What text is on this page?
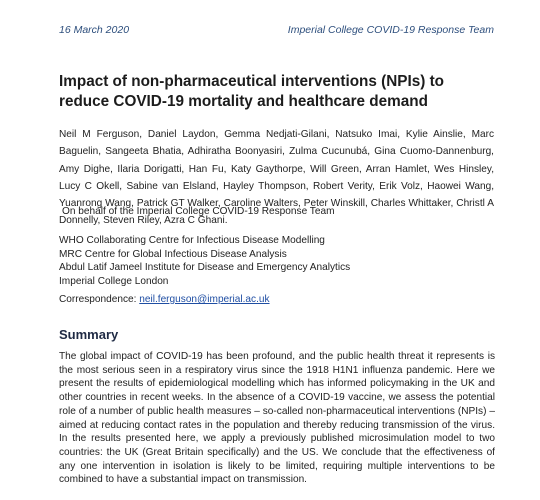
16 March 2020	Imperial College COVID-19 Response Team
Impact of non-pharmaceutical interventions (NPIs) to reduce COVID-19 mortality and healthcare demand
Neil M Ferguson, Daniel Laydon, Gemma Nedjati-Gilani, Natsuko Imai, Kylie Ainslie, Marc Baguelin, Sangeeta Bhatia, Adhiratha Boonyasiri, Zulma Cucunubá, Gina Cuomo-Dannenburg, Amy Dighe, Ilaria Dorigatti, Han Fu, Katy Gaythorpe, Will Green, Arran Hamlet, Wes Hinsley, Lucy C Okell, Sabine van Elsland, Hayley Thompson, Robert Verity, Erik Volz, Haowei Wang, Yuanrong Wang, Patrick GT Walker, Caroline Walters, Peter Winskill, Charles Whittaker, Christl A Donnelly, Steven Riley, Azra C Ghani.
On behalf of the Imperial College COVID-19 Response Team
WHO Collaborating Centre for Infectious Disease Modelling
MRC Centre for Global Infectious Disease Analysis
Abdul Latif Jameel Institute for Disease and Emergency Analytics
Imperial College London
Correspondence: neil.ferguson@imperial.ac.uk
Summary

The global impact of COVID-19 has been profound, and the public health threat it represents is the most serious seen in a respiratory virus since the 1918 H1N1 influenza pandemic. Here we present the results of epidemiological modelling which has informed policymaking in the UK and other countries in recent weeks. In the absence of a COVID-19 vaccine, we assess the potential role of a number of public health measures – so-called non-pharmaceutical interventions (NPIs) – aimed at reducing contact rates in the population and thereby reducing transmission of the virus. In the results presented here, we apply a previously published microsimulation model to two countries: the UK (Great Britain specifically) and the US. We conclude that the effectiveness of any one intervention in isolation is likely to be limited, requiring multiple interventions to be combined to have a substantial impact on transmission.
